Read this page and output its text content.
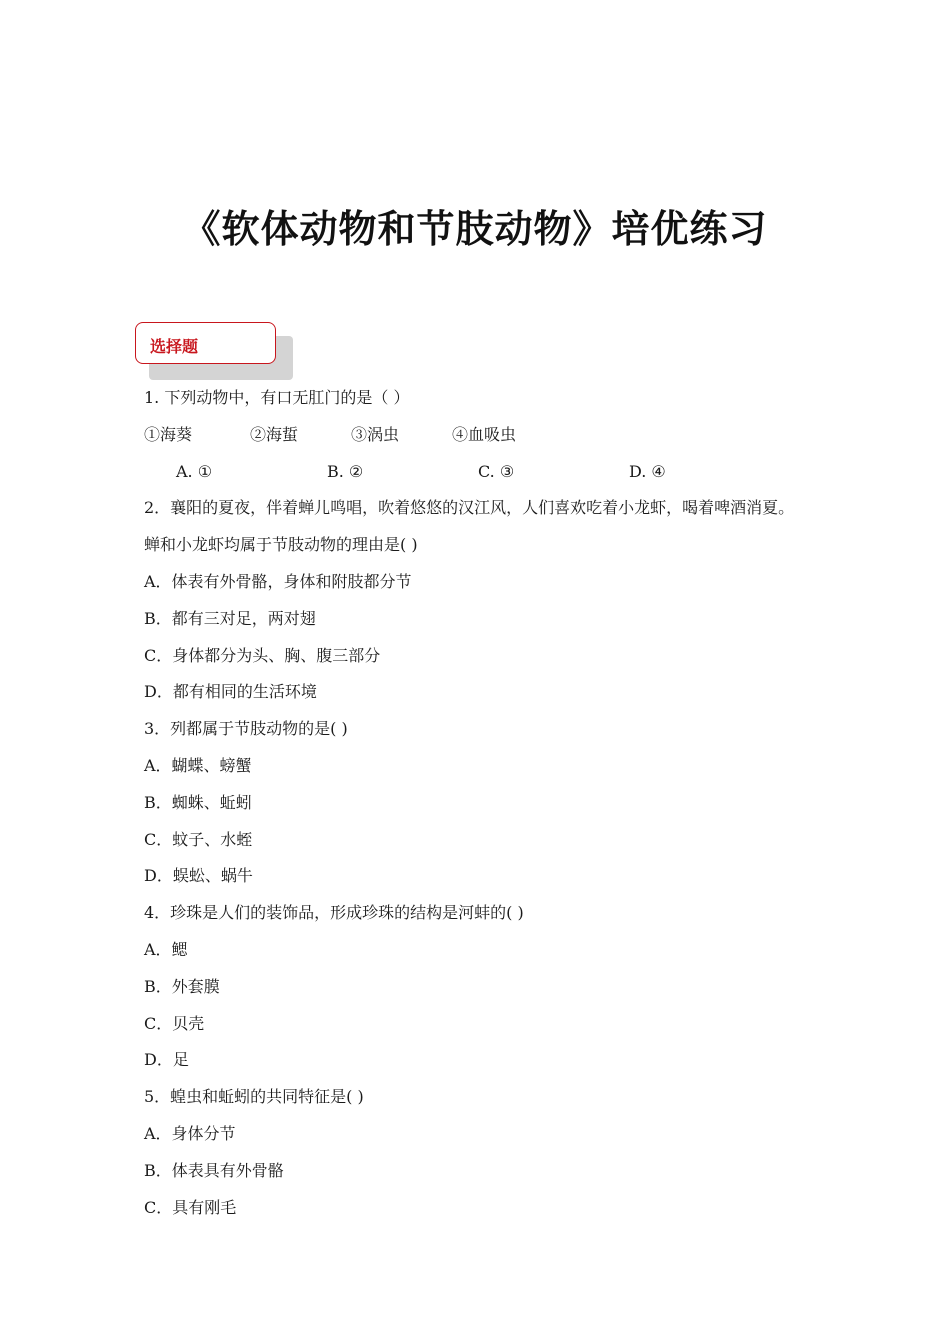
《软体动物和节肢动物》培优练习
选择题
1. 下列动物中，有口无肛门的是（ ）
①海葵	②海蜇	③涡虫	④血吸虫
A. ①	B. ②	C. ③	D. ④
2．襄阳的夏夜，伴着蝉儿鸣唱，吹着悠悠的汉江风，人们喜欢吃着小龙虾，喝着啤酒消夏。
蝉和小龙虾均属于节肢动物的理由是( )
A．体表有外骨骼，身体和附肢都分节
B．都有三对足，两对翅
C．身体都分为头、胸、腹三部分
D．都有相同的生活环境
3．列都属于节肢动物的是( )
A．蝴蝶、螃蟹
B．蜘蛛、蚯蚓
C．蚊子、水蛭
D．蜈蚣、蜗牛
4．珍珠是人们的装饰品，形成珍珠的结构是河蚌的( )
A．鳃
B．外套膜
C．贝壳
D．足
5．蝗虫和蚯蚓的共同特征是( )
A．身体分节
B．体表具有外骨骼
C．具有刚毛
